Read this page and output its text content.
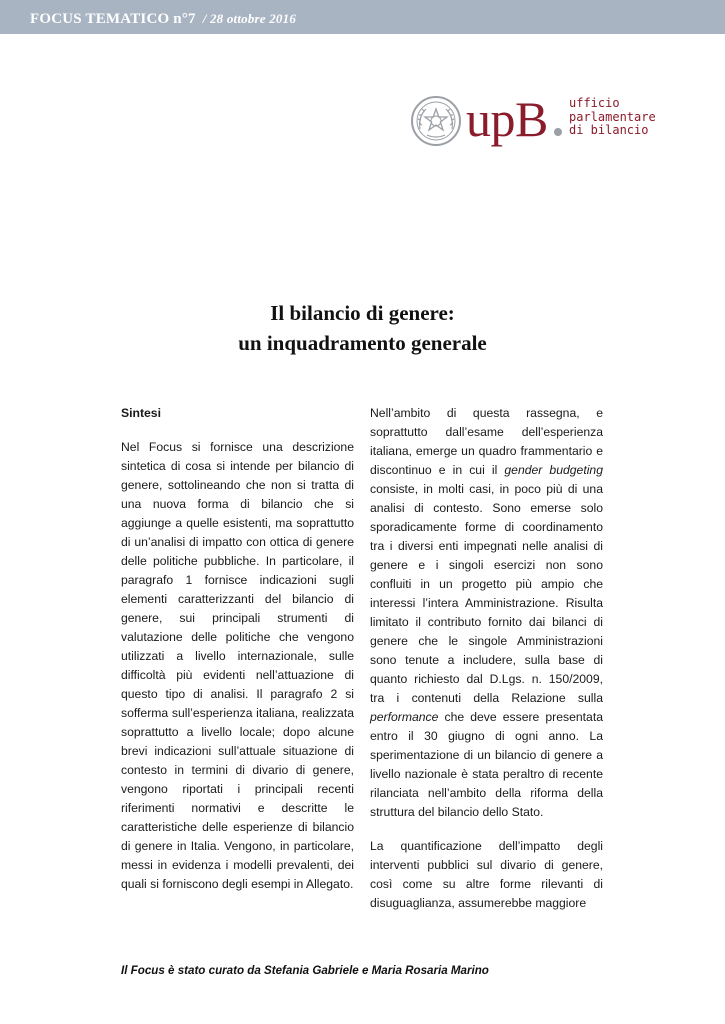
FOCUS TEMATICO n°7 / 28 ottobre 2016
upB ufficio
parlamentare
di bilancio
Il bilancio di genere:
un inquadramento generale

Sintesi

Nel Focus si fornisce una descrizione sintetica di cosa si intende per bilancio di genere, sottolineando che non si tratta di una nuova forma di bilancio che si aggiunge a quelle esistenti, ma soprattutto di un’analisi di impatto con ottica di genere delle politiche pubbliche. In particolare, il paragrafo 1 fornisce indicazioni sugli elementi caratterizzanti del bilancio di genere, sui principali strumenti di valutazione delle politiche che vengono utilizzati a livello internazionale, sulle difficoltà più evidenti nell’attuazione di questo tipo di analisi. Il paragrafo 2 si sofferma sull’esperienza italiana, realizzata soprattutto a livello locale; dopo alcune brevi indicazioni sull’attuale situazione di contesto in termini di divario di genere, vengono riportati i principali recenti riferimenti normativi e descritte le caratteristiche delle esperienze di bilancio di genere in Italia. Vengono, in particolare, messi in evidenza i modelli prevalenti, dei quali si forniscono degli esempi in Allegato.

Nell’ambito di questa rassegna, e soprattutto dall’esame dell’esperienza italiana, emerge un quadro frammentario e discontinuo e in cui il gender budgeting consiste, in molti casi, in poco più di una analisi di contesto. Sono emerse solo sporadicamente forme di coordinamento tra i diversi enti impegnati nelle analisi di genere e i singoli esercizi non sono confluiti in un progetto più ampio che interessi l’intera Amministrazione. Risulta limitato il contributo fornito dai bilanci di genere che le singole Amministrazioni sono tenute a includere, sulla base di quanto richiesto dal D.Lgs. n. 150/2009, tra i contenuti della Relazione sulla performance che deve essere presentata entro il 30 giugno di ogni anno. La sperimentazione di un bilancio di genere a livello nazionale è stata peraltro di recente rilanciata nell’ambito della riforma della struttura del bilancio dello Stato.

La quantificazione dell’impatto degli interventi pubblici sul divario di genere, così come su altre forme rilevanti di disuguaglianza, assumerebbe maggiore

Il Focus è stato curato da Stefania Gabriele e Maria Rosaria Marino
